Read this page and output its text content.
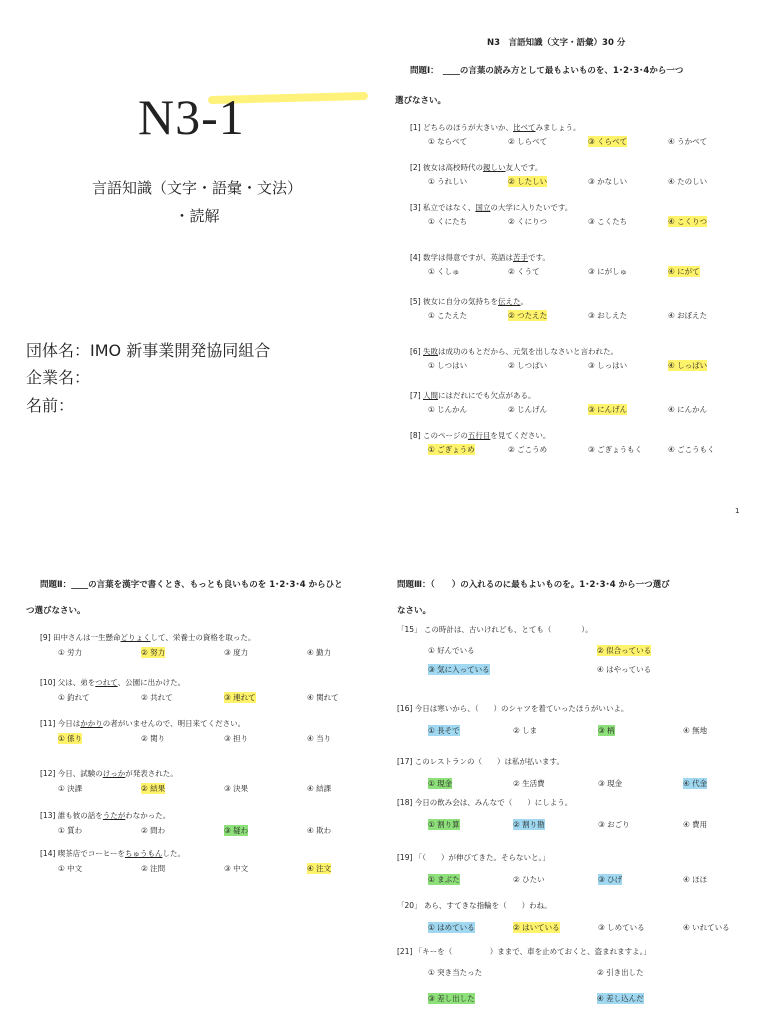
N3-1
言語知識（文字・語彙・文法）
・読解
団体名：IMO 新事業開発協同組合
企業名：
名前：
N3　言語知識（文字・語彙）30 分
問題Ⅰ：　____の言葉の読み方として最もよいものを、1･2･3･4から一つ
選びなさい。
[1] どちらのほうが大きいか、比べてみましょう。
① ならべて	② しらべて	③ くらべて	④ うかべて
[2] 彼女は高校時代の親しい友人です。
① うれしい	② したしい	③ かなしい	④ たのしい
[3] 私立ではなく、国立の大学に入りたいです。
① くにたち	② くにりつ	③ こくたち	④ こくりつ
[4] 数学は得意ですが、英語は苦手です。
① くしゅ	② くうて	③ にがしゅ	④ にがて
[5] 彼女に自分の気持ちを伝えた。
① こたえた	② つたえた	③ おしえた	④ おぼえた
[6] 失敗は成功のもとだから、元気を出しなさいと言われた。
① しつはい	② しつぱい	③ しっはい	④ しっぱい
[7] 人間にはだれにでも欠点がある。
① じんかん	② じんげん	③ にんげん	④ にんかん
[8] このページの五行目を見てください。
① ごぎょうめ	② ごこうめ	③ ごぎょうもく	④ ごこうもく
1
問題Ⅱ：____の言葉を漢字で書くとき、もっとも良いものを 1･2･3･4 からひと
つ選びなさい。
[9] 田中さんは一生懸命どりょくして、栄養士の資格を取った。
① 労力	② 努力	③ 度力	④ 勤力
[10] 父は、弟をつれて、公園に出かけた。
① 釣れて	② 共れて	③ 連れて	④ 関れて
[11] 今日はかかりの者がいませんので、明日来てください。
① 係り	② 関り	③ 担り	④ 当り
[12] 今日、試験のけっかが発表された。
① 決課	② 結果	③ 決果	④ 結課
[13] 誰も彼の話をうたがわなかった。
① 質わ	② 問わ	③ 疑わ	④ 欺わ
[14] 喫茶店でコーヒーをちゅうもんした。
① 中文	② 注問	③ 中文	④ 注文
問題Ⅲ：（　　）の入れるのに最もよいものを。1･2･3･4 から一つ選び
なさい。
「15」 この時計は、古いけれども、とても（　　　　）。
① 好んでいる	② 似合っている
③ 気に入っている	④ はやっている
[16] 今日は寒いから、（　　）のシャツを着ていったほうがいいよ。
① 長そで	② しま	③ 柄	④ 無地
[17] このレストランの（　　）は私が払います。
① 現金	② 生活費	③ 現金	④ 代金
[18] 今日の飲み会は、みんなで（　　）にしよう。
① 割り算	② 割り勘	③ おごり	④ 費用
[19] 「（　　）が伸びてきた。そらないと。」
① まぶた	② ひたい	③ ひげ	④ ほほ
「20」 あら、すてきな指輪を（　　）わね。
① はめている	② はいている	③ しめている	④ いれている
[21] 「キーを（　　　　　）ままで、車を止めておくと、盗まれますよ。」
① 突き当たった	② 引き出した
③ 差し出した	④ 差し込んだ
